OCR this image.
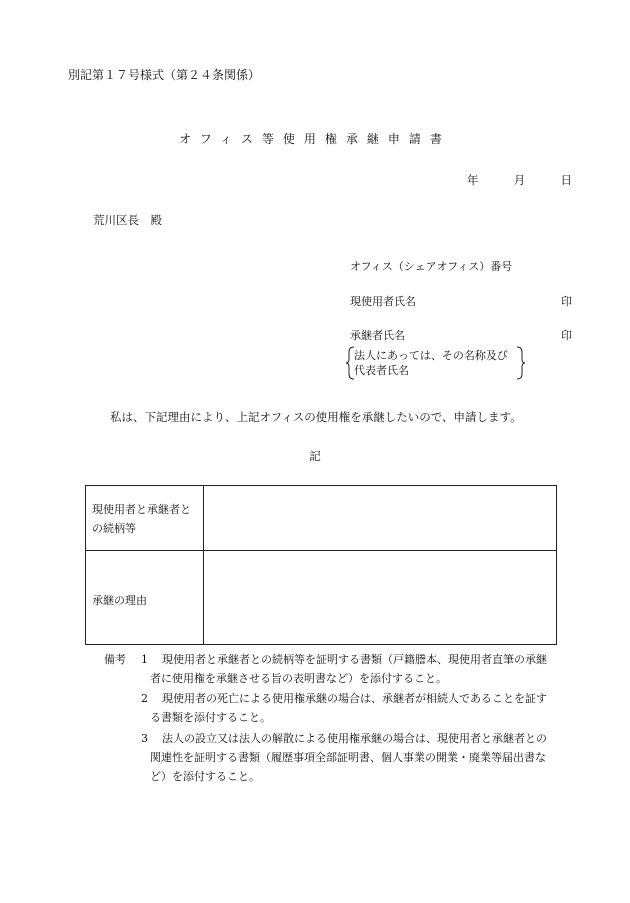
別記第１７号様式（第２４条関係）
オフィス等使用権承継申請書
年	月	日
荒川区長　殿
オフィス（シェアオフィス）番号
現使用者氏名	印
承継者氏名	印
法人にあっては、その名称及び
代表者氏名
私は、下記理由により、上記オフィスの使用権を承継したいので、申請します。
記
現使用者と承継者との続柄等
承継の理由
備考 1 現使用者と承継者との続柄等を証明する書類（戸籍謄本、現使用者直筆の承継
者に使用権を承継させる旨の表明書など）を添付すること。
2 現使用者の死亡による使用権承継の場合は、承継者が相続人であることを証す
る書類を添付すること。
3 法人の設立又は法人の解散による使用権承継の場合は、現使用者と承継者との
関連性を証明する書類（履歴事項全部証明書、個人事業の開業・廃業等届出書な
ど）を添付すること。
